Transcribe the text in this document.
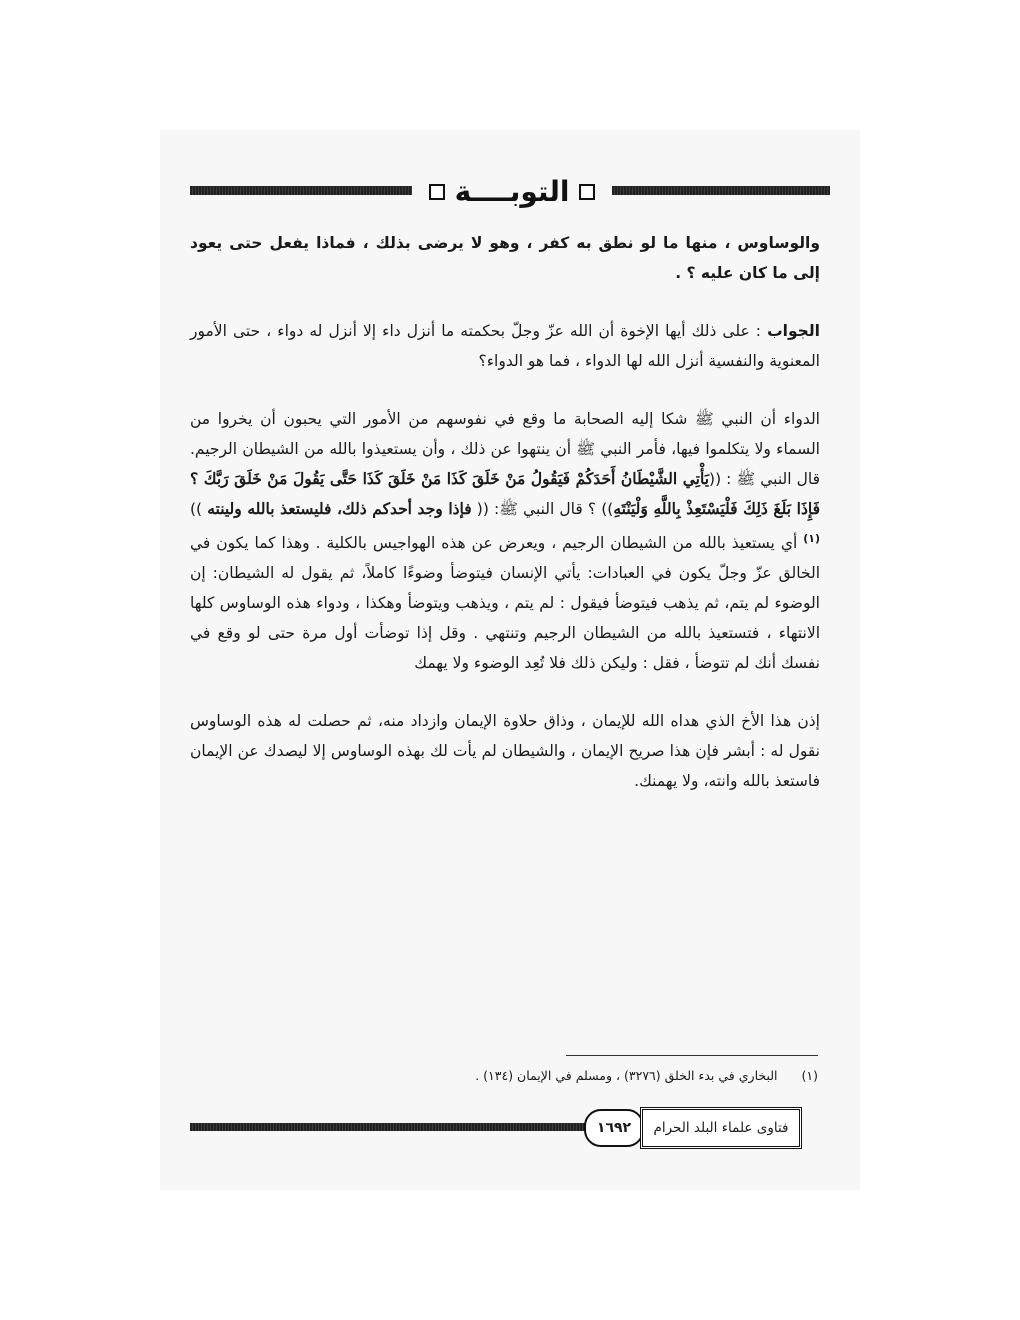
التوبــــة

والوساوس ، منها ما لو نطق به كفر ، وهو لا يرضى بذلك ، فماذا يفعل حتى يعود إلى ما كان عليه ؟ .

الجواب : على ذلك أيها الإخوة أن الله عزّ وجلّ بحكمته ما أنزل داء إلا أنزل له دواء ، حتى الأمور المعنوية والنفسية أنزل الله لها الدواء ، فما هو الدواء؟

الدواء أن النبي ﷺ شكا إليه الصحابة ما وقع في نفوسهم من الأمور التي يحبون أن يخروا من السماء ولا يتكلموا فيها، فأمر النبي ﷺ أن ينتهوا عن ذلك ، وأن يستعيذوا بالله من الشيطان الرجيم. قال النبي ﷺ : ((يَأْتِي الشَّيْطَانُ أَحَدَكُمْ فَيَقُولُ مَنْ خَلَقَ كَذَا مَنْ خَلَقَ كَذَا حَتَّى يَقُولَ مَنْ خَلَقَ رَبَّكَ ؟ فَإِذَا بَلَغَ ذَلِكَ فَلْيَسْتَعِذْ بِاللَّهِ وَلْيَنْتَهِ)) ؟ قال النبي ﷺ: (( فإذا وجد أحدكم ذلك، فليستعذ بالله ولينته )) $^{(١)}$ أي يستعيذ بالله من الشيطان الرجيم ، ويعرض عن هذه الهواجيس بالكلية . وهذا كما يكون في الخالق عزّ وجلّ يكون في العبادات: يأتي الإنسان فيتوضأ وضوءًا كاملاً، ثم يقول له الشيطان: إن الوضوء لم يتم، ثم يذهب فيتوضأ فيقول : لم يتم ، ويذهب ويتوضأ وهكذا ، ودواء هذه الوساوس كلها الانتهاء ، فتستعيذ بالله من الشيطان الرجيم وتنتهي . وقل إذا توضأت أول مرة حتى لو وقع في نفسك أنك لم تتوضأ ، فقل : وليكن ذلك فلا تُعِد الوضوء ولا يهمك

إذن هذا الأخ الذي هداه الله للإيمان ، وذاق حلاوة الإيمان وازداد منه، ثم حصلت له هذه الوساوس نقول له : أبشر فإن هذا صريح الإيمان ، والشيطان لم يأت لك بهذه الوساوس إلا ليصدك عن الإيمان فاستعذ بالله وانته، ولا يهمنك.

(١)البخاري في بدء الخلق (٣٢٧٦) ، ومسلم في الإيمان (١٣٤) .
١٦٩٢	فتاوى علماء البلد الحرام
